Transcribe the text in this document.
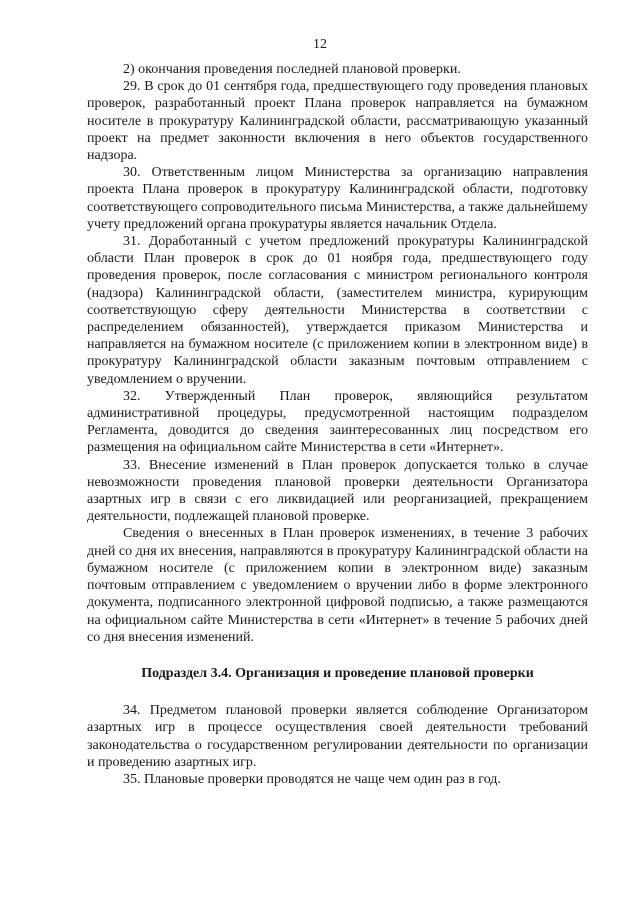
12

2) окончания проведения последней плановой проверки.

29. В срок до 01 сентября года, предшествующего году проведения плановых проверок, разработанный проект Плана проверок направляется на бумажном носителе в прокуратуру Калининградской области, рассматривающую указанный проект на предмет законности включения в него объектов государственного надзора.

30. Ответственным лицом Министерства за организацию направления проекта Плана проверок в прокуратуру Калининградской области, подготовку соответствующего сопроводительного письма Министерства, а также дальнейшему учету предложений органа прокуратуры является начальник Отдела.

31. Доработанный с учетом предложений прокуратуры Калининградской области План проверок в срок до 01 ноября года, предшествующего году проведения проверок, после согласования с министром регионального контроля (надзора) Калининградской области, (заместителем министра, курирующим соответствующую сферу деятельности Министерства в соответствии с распределением обязанностей), утверждается приказом Министерства и направляется на бумажном носителе (с приложением копии в электронном виде) в прокуратуру Калининградской области заказным почтовым отправлением с уведомлением о вручении.

32. Утвержденный План проверок, являющийся результатом административной процедуры, предусмотренной настоящим подразделом Регламента, доводится до сведения заинтересованных лиц посредством его размещения на официальном сайте Министерства в сети «Интернет».

33. Внесение изменений в План проверок допускается только в случае невозможности проведения плановой проверки деятельности Организатора азартных игр в связи с его ликвидацией или реорганизацией, прекращением деятельности, подлежащей плановой проверке.

Сведения о внесенных в План проверок изменениях, в течение 3 рабочих дней со дня их внесения, направляются в прокуратуру Калининградской области на бумажном носителе (с приложением копии в электронном виде) заказным почтовым отправлением с уведомлением о вручении либо в форме электронного документа, подписанного электронной цифровой подписью, а также размещаются на официальном сайте Министерства в сети «Интернет» в течение 5 рабочих дней со дня внесения изменений.

Подраздел 3.4. Организация и проведение плановой проверки

34. Предметом плановой проверки является соблюдение Организатором азартных игр в процессе осуществления своей деятельности требований законодательства о государственном регулировании деятельности по организации и проведению азартных игр.

35. Плановые проверки проводятся не чаще чем один раз в год.
